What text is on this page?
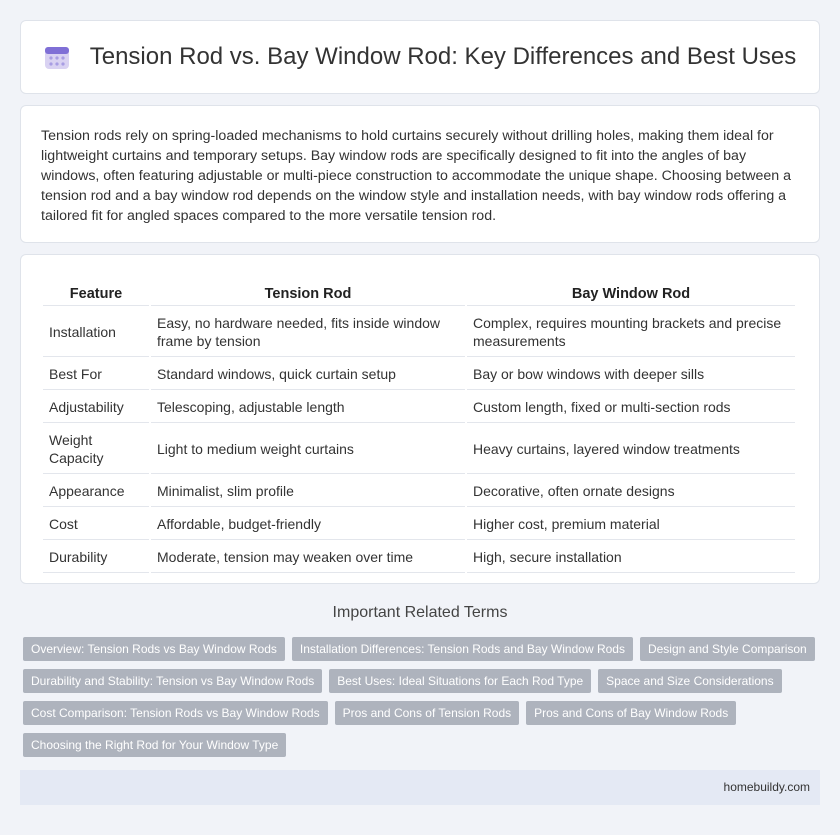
Tension Rod vs. Bay Window Rod: Key Differences and Best Uses

Tension rods rely on spring-loaded mechanisms to hold curtains securely without drilling holes, making them ideal for lightweight curtains and temporary setups. Bay window rods are specifically designed to fit into the angles of bay windows, often featuring adjustable or multi-piece construction to accommodate the unique shape. Choosing between a tension rod and a bay window rod depends on the window style and installation needs, with bay window rods offering a tailored fit for angled spaces compared to the more versatile tension rod.

Feature	Tension Rod	Bay Window Rod
Installation	Easy, no hardware needed, fits inside window frame by tension	Complex, requires mounting brackets and precise measurements
Best For	Standard windows, quick curtain setup	Bay or bow windows with deeper sills
Adjustability	Telescoping, adjustable length	Custom length, fixed or multi-section rods
Weight Capacity	Light to medium weight curtains	Heavy curtains, layered window treatments
Appearance	Minimalist, slim profile	Decorative, often ornate designs
Cost	Affordable, budget-friendly	Higher cost, premium material
Durability	Moderate, tension may weaken over time	High, secure installation
Important Related Terms
Overview: Tension Rods vs Bay Window Rods	Installation Differences: Tension Rods and Bay Window Rods	Design and Style Comparison
Durability and Stability: Tension vs Bay Window Rods	Best Uses: Ideal Situations for Each Rod Type	Space and Size Considerations
Cost Comparison: Tension Rods vs Bay Window Rods	Pros and Cons of Tension Rods	Pros and Cons of Bay Window Rods
Choosing the Right Rod for Your Window Type
homebuildy.com
